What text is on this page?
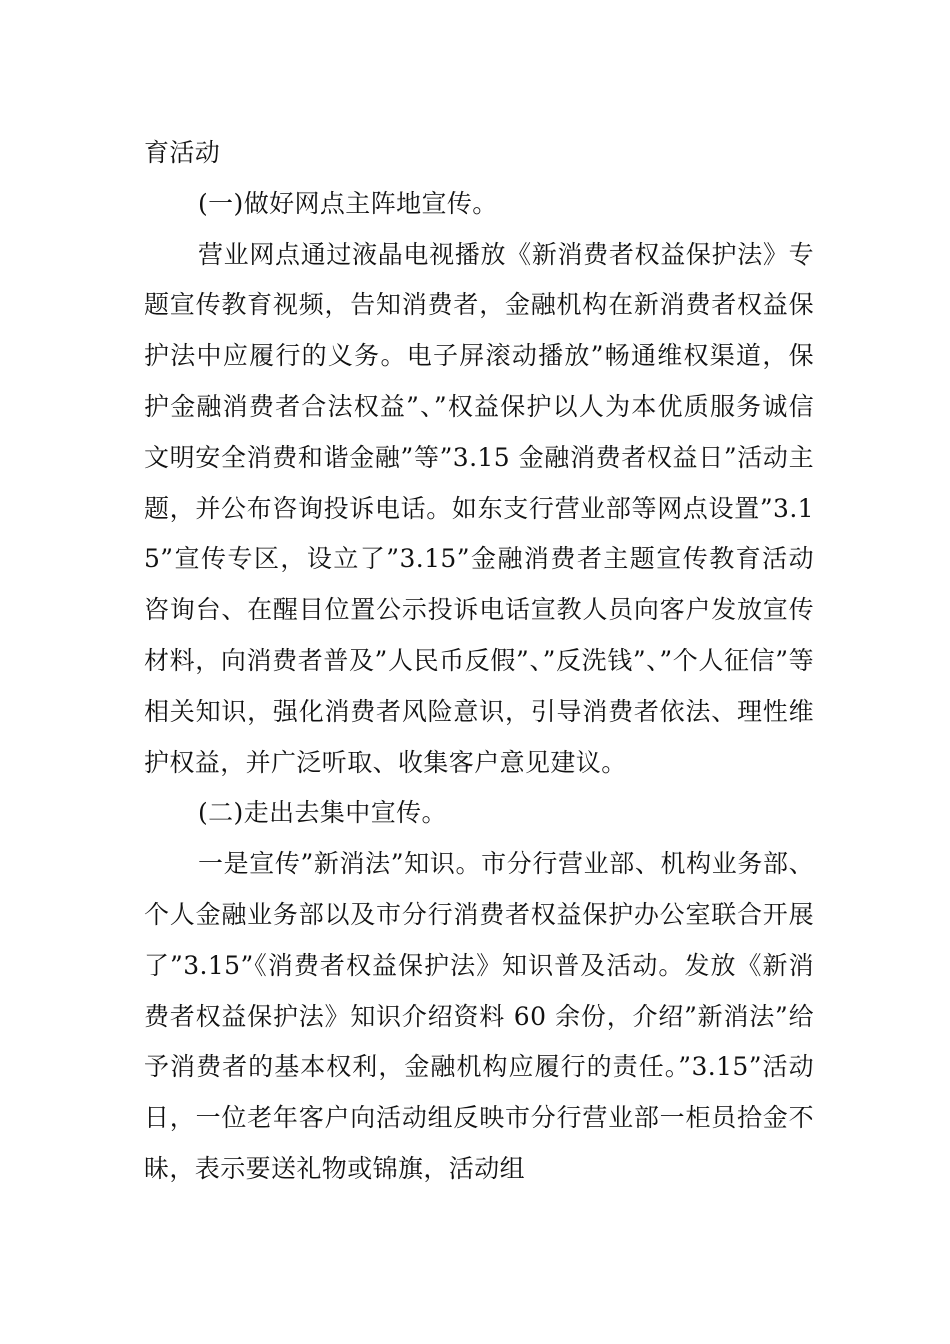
育活动

(一)做好网点主阵地宣传。

营业网点通过液晶电视播放《新消费者权益保护法》专题宣传教育视频，告知消费者，金融机构在新消费者权益保护法中应履行的义务。电子屏滚动播放”畅通维权渠道，保护金融消费者合法权益”、”权益保护以人为本优质服务诚信文明安全消费和谐金融”等”3.15 金融消费者权益日”活动主题，并公布咨询投诉电话。如东支行营业部等网点设置”3.15”宣传专区，设立了”3.15”金融消费者主题宣传教育活动咨询台、在醒目位置公示投诉电话宣教人员向客户发放宣传材料，向消费者普及”人民币反假”、”反洗钱”、”个人征信”等相关知识，强化消费者风险意识，引导消费者依法、理性维护权益，并广泛听取、收集客户意见建议。

(二)走出去集中宣传。

一是宣传”新消法”知识。市分行营业部、机构业务部、个人金融业务部以及市分行消费者权益保护办公室联合开展了”3.15”《消费者权益保护法》知识普及活动。发放《新消费者权益保护法》知识介绍资料 60 余份，介绍”新消法”给予消费者的基本权利，金融机构应履行的责任。”3.15”活动日，一位老年客户向活动组反映市分行营业部一柜员拾金不昧，表示要送礼物或锦旗，活动组
